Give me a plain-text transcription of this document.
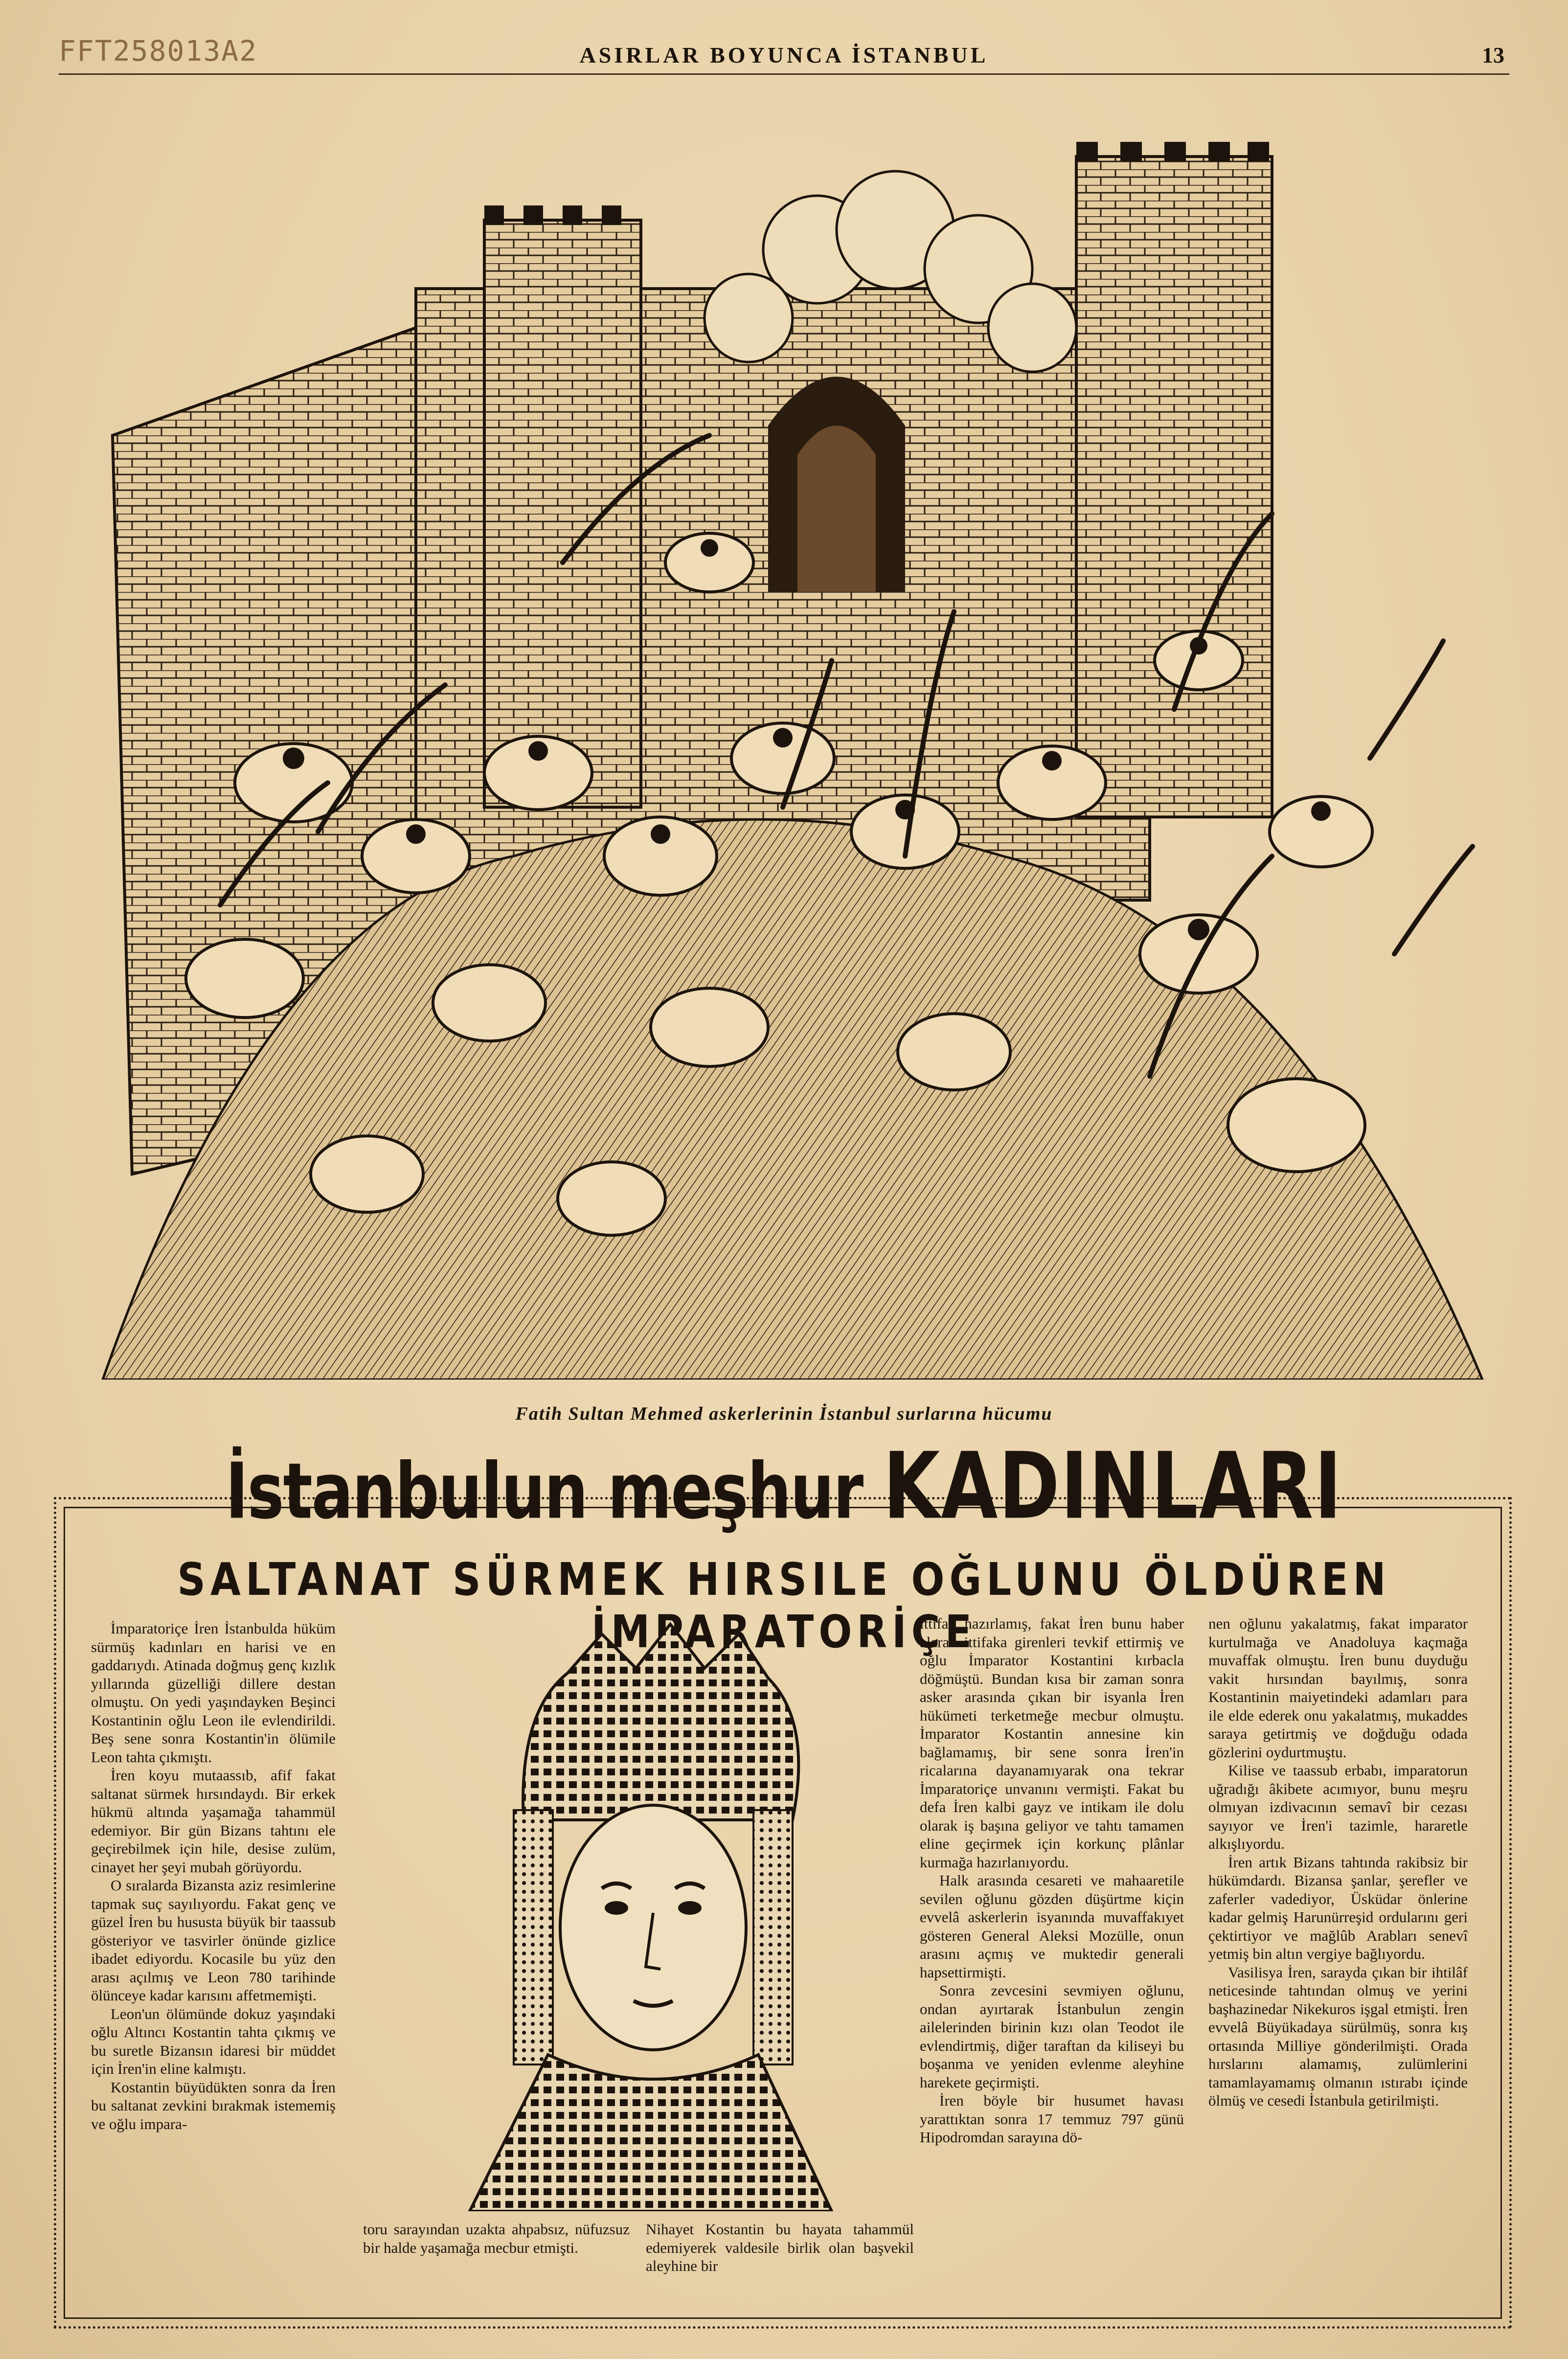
FFT258013A2	ASIRLAR BOYUNCA İSTANBUL	13
Fatih Sultan Mehmed askerlerinin İstanbul surlarına hücumu
İstanbulun meşhur KADINLARI
SALTANAT SÜRMEK HIRSILE OĞLUNU ÖLDÜREN İMPARATORİÇE

İmparatoriçe İren İstanbulda hüküm sürmüş kadınları en harisi ve en gaddarıydı. Atinada doğmuş genç kızlık yıllarında güzelliği dillere destan olmuştu. On yedi yaşındayken Beşinci Kostantinin oğlu Leon ile evlendirildi. Beş sene sonra Kostantin'in ölümile Leon tahta çıkmıştı.

İren koyu mutaassıb, afif fakat saltanat sürmek hırsındaydı. Bir erkek hükmü altında yaşamağa tahammül edemiyor. Bir gün Bizans tahtını ele geçirebilmek için hile, desise zulüm, cinayet her şeyi mubah görüyordu.

O sıralarda Bizansta aziz resimlerine tapmak suç sayılıyordu. Fakat genç ve güzel İren bu hususta büyük bir taassub gösteriyor ve tasvirler önünde gizlice ibadet ediyordu. Kocasile bu yüz den arası açılmış ve Leon 780 tarihinde ölünceye kadar karısını affetmemişti.

Leon'un ölümünde dokuz yaşındaki oğlu Altıncı Kostantin tahta çıkmış ve bu suretle Bizansın idaresi bir müddet için İren'in eline kalmıştı.

Kostantin büyüdükten sonra da İren bu saltanat zevkini bırakmak istememiş ve oğlu impara-

toru sarayından uzakta ahpabsız, nüfuzsuz bir halde yaşamağa mecbur etmişti.
Nihayet Kostantin bu hayata tahammül edemiyerek valdesile birlik olan başvekil aleyhine bir

ittifak hazırlamış, fakat İren bunu haber alarak ittifaka girenleri tevkif ettirmiş ve oğlu İmparator Kostantini kırbacla döğmüştü. Bundan kısa bir zaman sonra asker arasında çıkan bir isyanla İren hükümeti terketmeğe mecbur olmuştu. İmparator Kostantin annesine kin bağlamamış, bir sene sonra İren'in ricalarına dayanamıyarak ona tekrar İmparatoriçe unvanını vermişti. Fakat bu defa İren kalbi gayz ve intikam ile dolu olarak iş başına geliyor ve tahtı tamamen eline geçirmek için korkunç plânlar kurmağa hazırlanıyordu.

Halk arasında cesareti ve mahaaretile sevilen oğlunu gözden düşürtme kiçin evvelâ askerlerin isyanında muvaffakıyet gösteren General Aleksi Mozülle, onun arasını açmış ve muktedir generali hapsettirmişti.

Sonra zevcesini sevmiyen oğlunu, ondan ayırtarak İstanbulun zengin ailelerinden birinin kızı olan Teodot ile evlendirtmiş, diğer taraftan da kiliseyi bu boşanma ve yeniden evlenme aleyhine harekete geçirmişti.

İren böyle bir husumet havası yarattıktan sonra 17 temmuz 797 günü Hipodromdan sarayına dö-

nen oğlunu yakalatmış, fakat imparator kurtulmağa ve Anadoluya kaçmağa muvaffak olmuştu. İren bunu duyduğu vakit hırsından bayılmış, sonra Kostantinin maiyetindeki adamları para ile elde ederek onu yakalatmış, mukaddes saraya getirtmiş ve doğduğu odada gözlerini oydurtmuştu.

Kilise ve taassub erbabı, imparatorun uğradığı âkibete acımıyor, bunu meşru olmıyan izdivacının semavî bir cezası sayıyor ve İren'i tazimle, hararetle alkışlıyordu.

İren artık Bizans tahtında rakibsiz bir hükümdardı. Bizansa şanlar, şerefler ve zaferler vadediyor, Üsküdar önlerine kadar gelmiş Harunürreşid ordularını geri çektirtiyor ve mağlûb Arabları senevî yetmiş bin altın vergiye bağlıyordu.

Vasilisya İren, sarayda çıkan bir ihtilâf neticesinde tahtından olmuş ve yerini başhazinedar Nikekuros işgal etmişti. İren evvelâ Büyükadaya sürülmüş, sonra kış ortasında Milliye gönderilmişti. Orada hırslarını alamamış, zulümlerini tamamlayamamış olmanın ıstırabı içinde ölmüş ve cesedi İstanbula getirilmişti.
